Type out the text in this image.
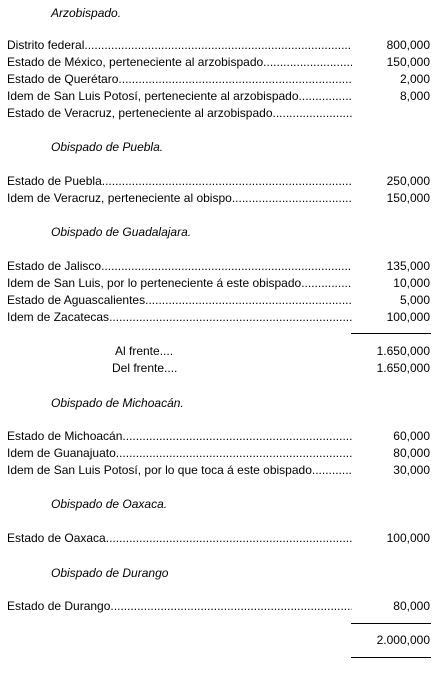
Arzobispado.
Distrito federal .....	800,000
Estado de México, perteneciente al arzobispado .....	150,000
Estado de Querétaro .....	2,000
Idem de San Luis Potosí, perteneciente al arzobispado .....	8,000
Estado de Veracruz, perteneciente al arzobispado .....
Obispado de Puebla.
Estado de Puebla .....	250,000
Idem de Veracruz, perteneciente al obispo .....	150,000
Obispado de Guadalajara.
Estado de Jalisco .....	135,000
Idem de San Luis, por lo perteneciente á este obispado .....	10,000
Estado de Aguascalientes .....	5,000
Idem de Zacatecas .....	100,000
Al frente....	1.650,000
Del frente....	1.650,000
Obispado de Michoacán.
Estado de Michoacán .....	60,000
Idem de Guanajuato .....	80,000
Idem de San Luis Potosí, por lo que toca á este obispado .....	30,000
Obispado de Oaxaca.
Estado de Oaxaca .....	100,000
Obispado de Durango
Estado de Durango .....	80,000
2.000,000
